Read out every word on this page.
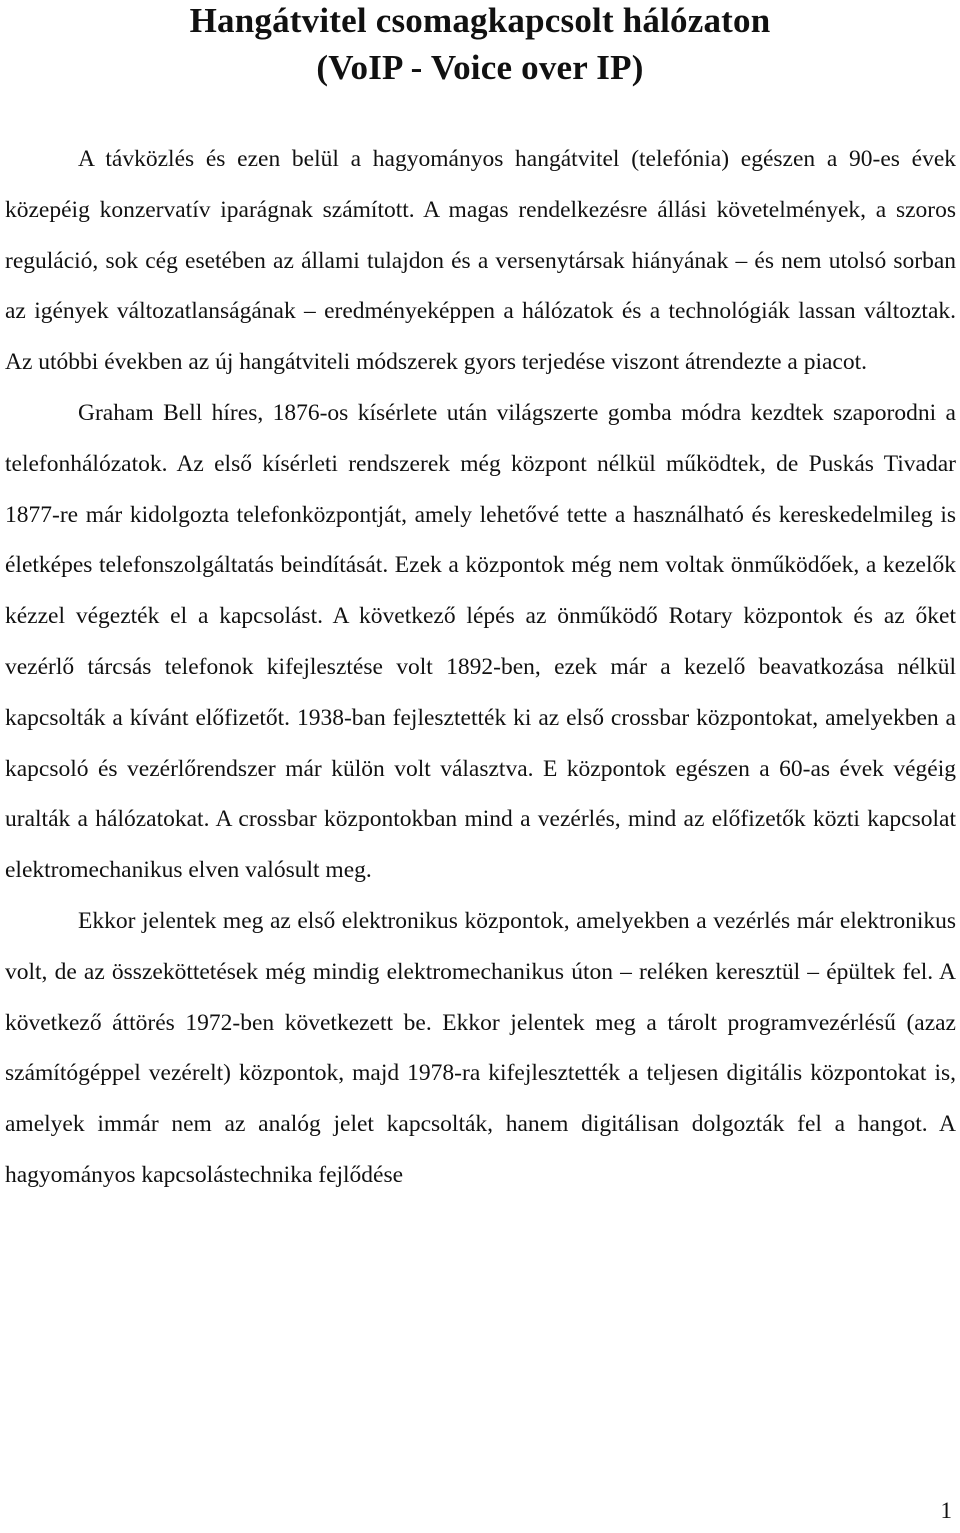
Hangátvitel csomagkapcsolt hálózaton
(VoIP - Voice over IP)

A távközlés és ezen belül a hagyományos hangátvitel (telefónia) egészen a 90-es évek közepéig konzervatív iparágnak számított. A magas rendelkezésre állási követelmények, a szoros reguláció, sok cég esetében az állami tulajdon és a versenytársak hiányának – és nem utolsó sorban az igények változatlanságának – eredményeképpen a hálózatok és a technológiák lassan változtak. Az utóbbi években az új hangátviteli módszerek gyors terjedése viszont átrendezte a piacot.

Graham Bell híres, 1876-os kísérlete után világszerte gomba módra kezdtek szaporodni a telefonhálózatok. Az első kísérleti rendszerek még központ nélkül működtek, de Puskás Tivadar 1877-re már kidolgozta telefonközpontját, amely lehetővé tette a használható és kereskedelmileg is életképes telefonszolgáltatás beindítását. Ezek a központok még nem voltak önműködőek, a kezelők kézzel végezték el a kapcsolást. A következő lépés az önműködő Rotary központok és az őket vezérlő tárcsás telefonok kifejlesztése volt 1892-ben, ezek már a kezelő beavatkozása nélkül kapcsolták a kívánt előfizetőt. 1938-ban fejlesztették ki az első crossbar központokat, amelyekben a kapcsoló és vezérlőrendszer már külön volt választva. E központok egészen a 60-as évek végéig uralták a hálózatokat. A crossbar központokban mind a vezérlés, mind az előfizetők közti kapcsolat elektromechanikus elven valósult meg.

Ekkor jelentek meg az első elektronikus központok, amelyekben a vezérlés már elektronikus volt, de az összeköttetések még mindig elektromechanikus úton – reléken keresztül – épültek fel. A következő áttörés 1972-ben következett be. Ekkor jelentek meg a tárolt programvezérlésű (azaz számítógéppel vezérelt) központok, majd 1978-ra kifejlesztették a teljesen digitális központokat is, amelyek immár nem az analóg jelet kapcsolták, hanem digitálisan dolgozták fel a hangot. A hagyományos kapcsolástechnika fejlődése

1
